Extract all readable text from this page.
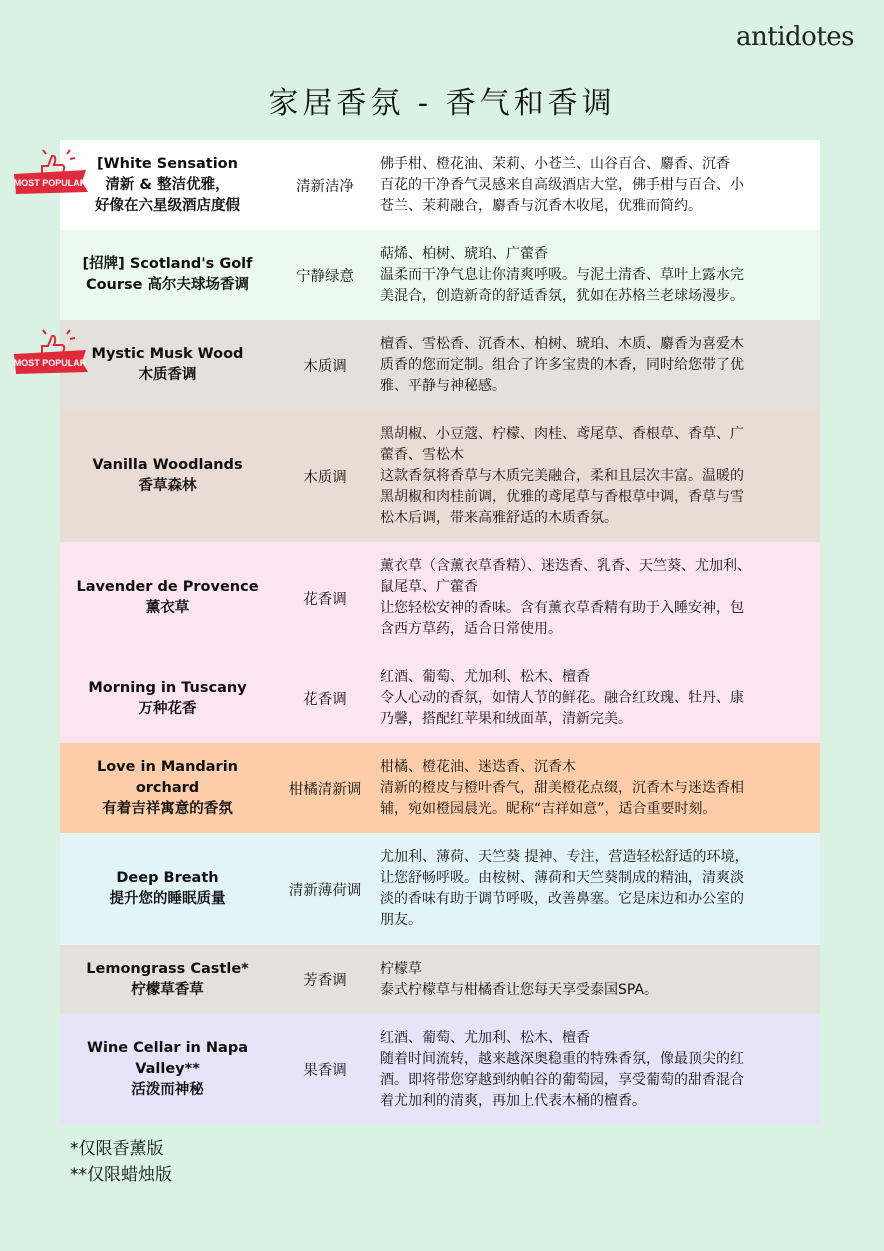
antidotes
家居香氛 - 香气和香调
[White Sensation
清新 & 整洁优雅，
好像在六星级酒店度假
清新洁净
佛手柑、橙花油、茉莉、小苍兰、山谷百合、麝香、沉香
百花的干净香气灵感来自高级酒店大堂，佛手柑与百合、小
苍兰、茉莉融合，麝香与沉香木收尾，优雅而简约。
MOST POPULAR
[招牌] Scotland's Golf
Course 高尔夫球场香调
宁静绿意
萜烯、柏树、琥珀、广藿香
温柔而干净气息让你清爽呼吸。与泥土清香、草叶上露水完
美混合，创造新奇的舒适香氛，犹如在苏格兰老球场漫步。
Mystic Musk Wood
木质香调
木质调
檀香、雪松香、沉香木、柏树、琥珀、木质、麝香为喜爱木
质香的您而定制。组合了许多宝贵的木香，同时给您带了优
雅、平静与神秘感。
MOST POPULAR
Vanilla Woodlands
香草森林
木质调
黑胡椒、小豆蔻、柠檬、肉桂、鸢尾草、香根草、香草、广
藿香、雪松木
这款香氛将香草与木质完美融合，柔和且层次丰富。温暖的
黑胡椒和肉桂前调，优雅的鸢尾草与香根草中调，香草与雪
松木后调，带来高雅舒适的木质香氛。
Lavender de Provence
薰衣草
花香调
薰衣草（含薰衣草香精）、迷迭香、乳香、天竺葵、尤加利、
鼠尾草、广藿香
让您轻松安神的香味。含有薰衣草香精有助于入睡安神，包
含西方草药，适合日常使用。
Morning in Tuscany
万种花香
花香调
红酒、葡萄、尤加利、松木、檀香
令人心动的香氛，如情人节的鲜花。融合红玫瑰、牡丹、康
乃馨，搭配红苹果和绒面革，清新完美。
Love in Mandarin orchard
有着吉祥寓意的香氛
柑橘清新调
柑橘、橙花油、迷迭香、沉香木
清新的橙皮与橙叶香气，甜美橙花点缀，沉香木与迷迭香相
辅，宛如橙园晨光。昵称“吉祥如意”，适合重要时刻。
Deep Breath
提升您的睡眠质量
清新薄荷调
尤加利、薄荷、天竺葵 提神、专注，营造轻松舒适的环境，
让您舒畅呼吸。由桉树、薄荷和天竺葵制成的精油，清爽淡
淡的香味有助于调节呼吸，改善鼻塞。它是床边和办公室的
朋友。
Lemongrass Castle*
柠檬草香草
芳香调
柠檬草
泰式柠檬草与柑橘香让您每天享受泰国SPA。
Wine Cellar in Napa
Valley**
活泼而神秘
果香调
红酒、葡萄、尤加利、松木、檀香
随着时间流转，越来越深奥稳重的特殊香氛，像最顶尖的红
酒。即将带您穿越到纳帕谷的葡萄园，享受葡萄的甜香混合
着尤加利的清爽，再加上代表木桶的檀香。
*仅限香薰版
**仅限蜡烛版
